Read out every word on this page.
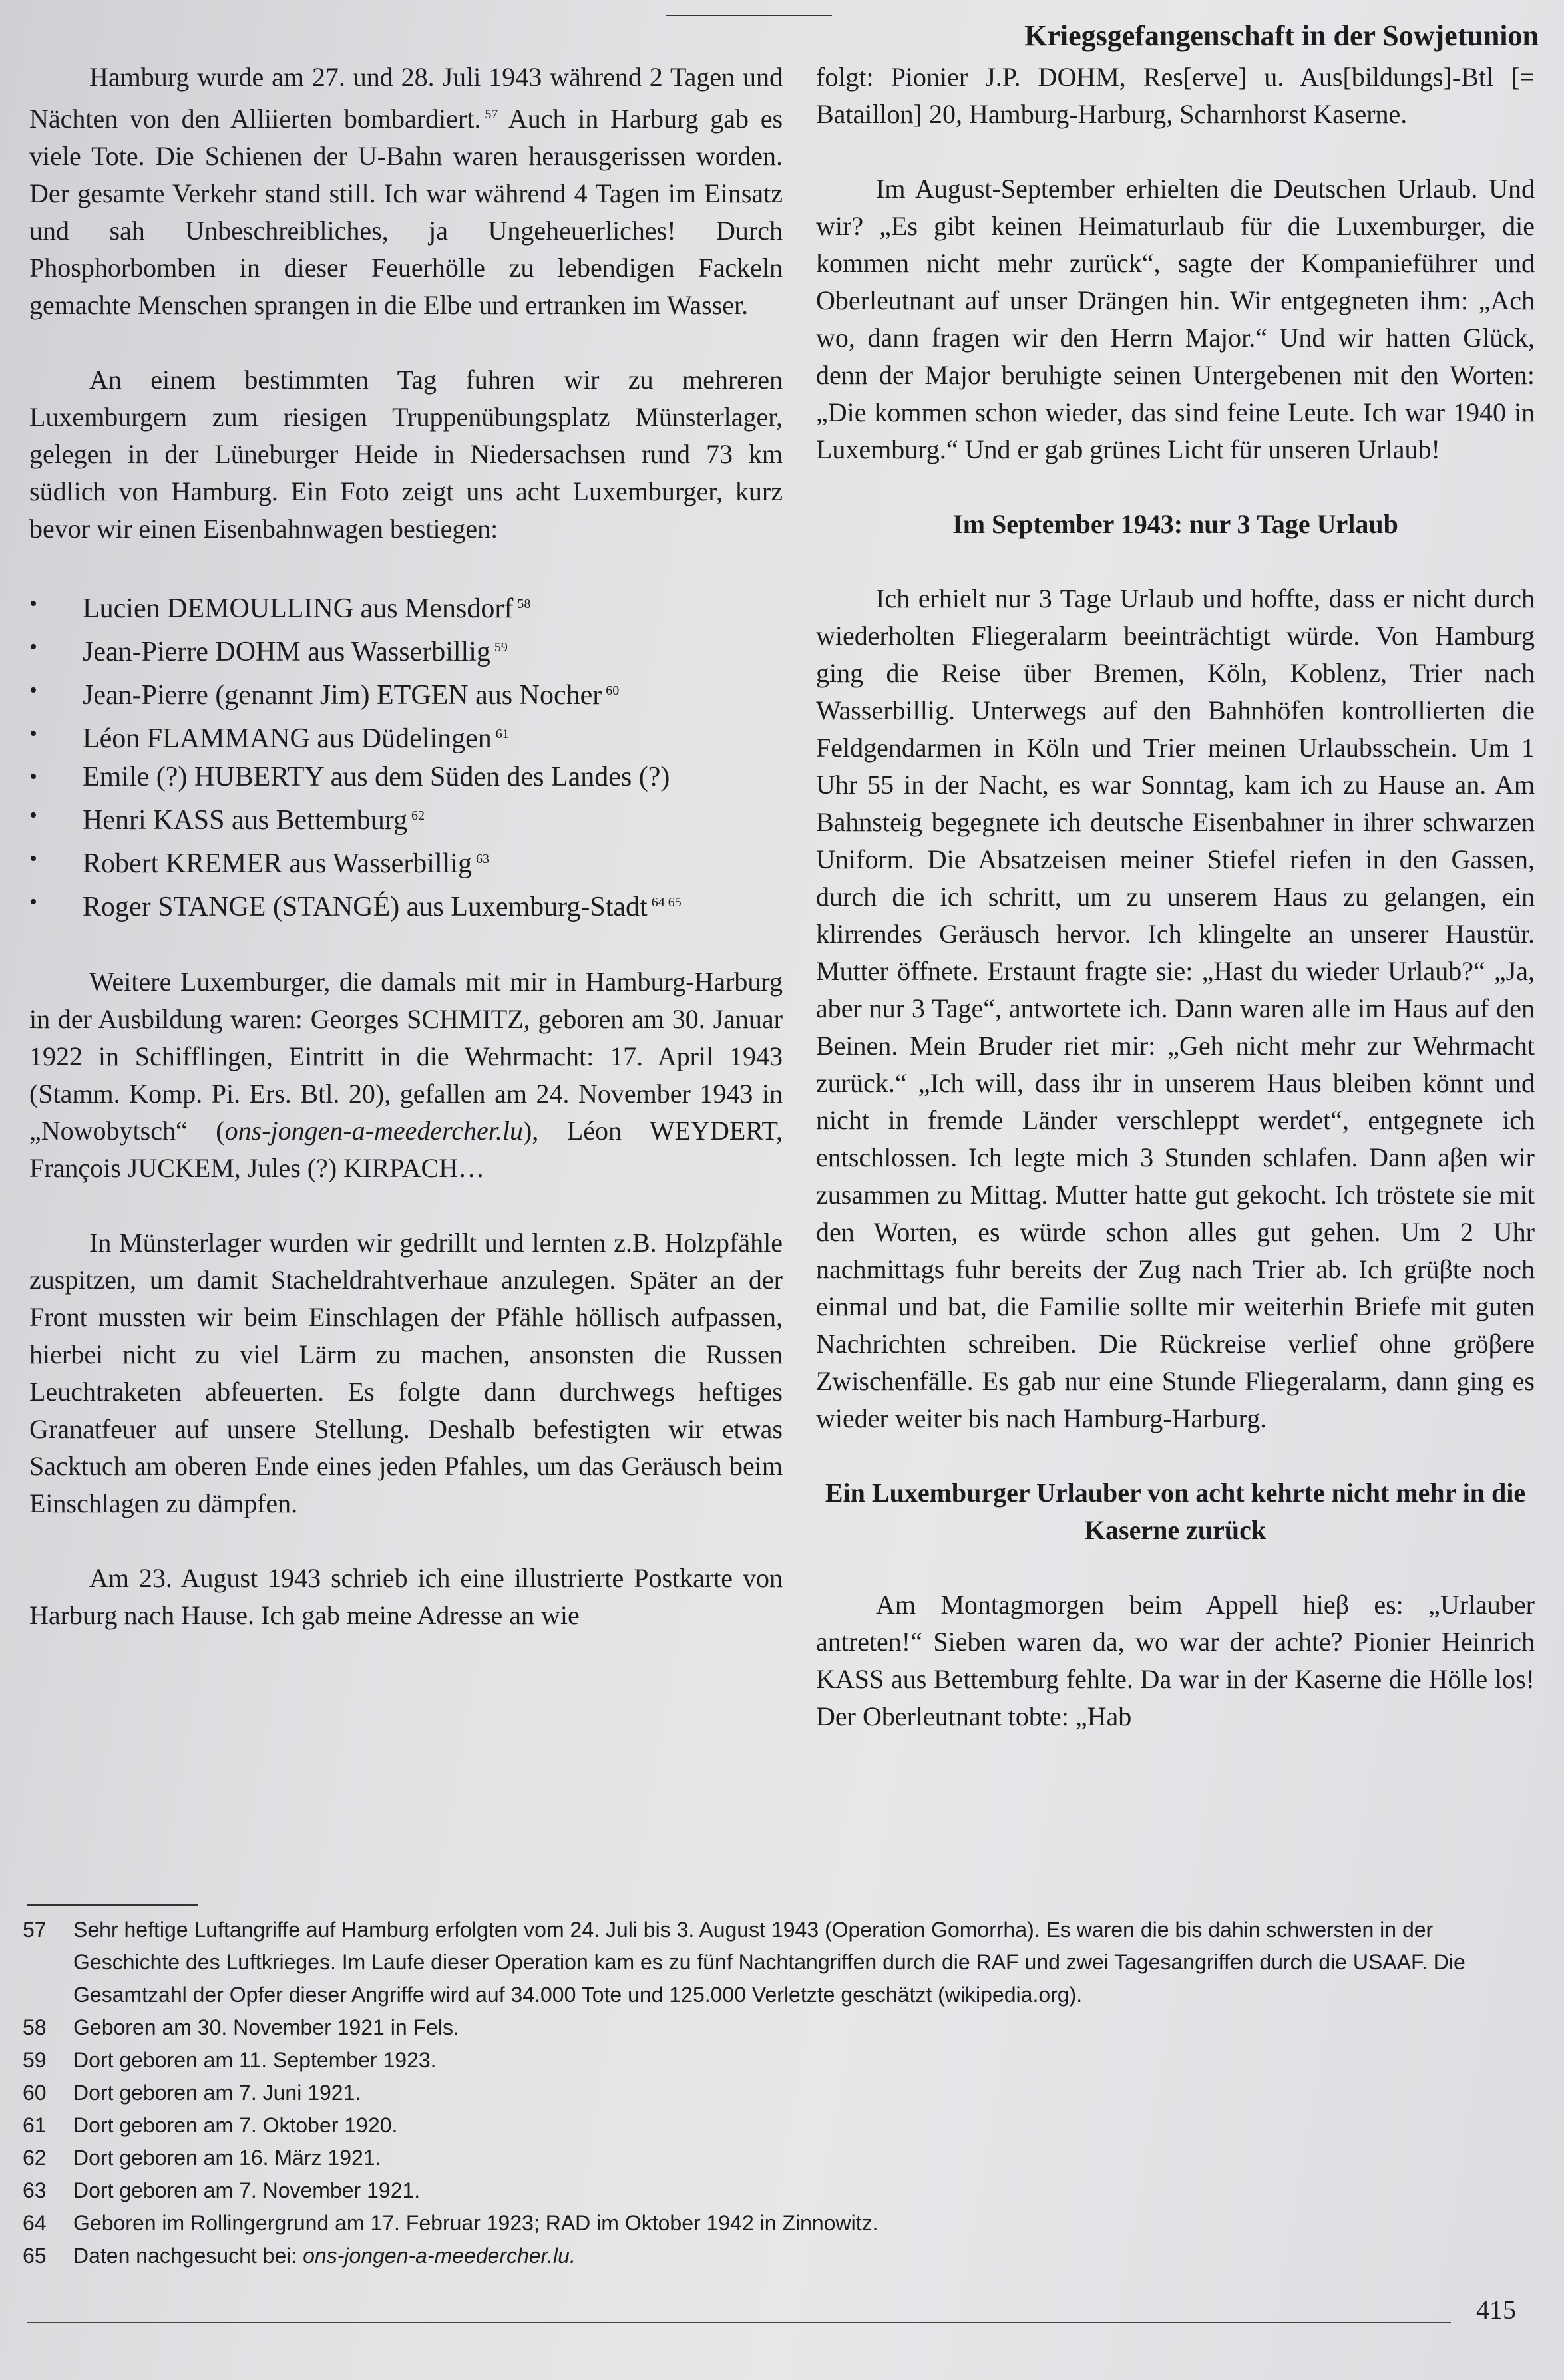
Kriegsgefangenschaft in der Sowjetunion

Hamburg wurde am 27. und 28. Juli 1943 während 2 Tagen und Nächten von den Alliierten bombardiert. $^{57}$ Auch in Harburg gab es viele Tote. Die Schienen der U-Bahn waren herausgerissen worden. Der gesamte Verkehr stand still. Ich war während 4 Tagen im Einsatz und sah Unbeschreibliches, ja Ungeheuerliches! Durch Phosphorbomben in dieser Feuerhölle zu lebendigen Fackeln gemachte Menschen sprangen in die Elbe und ertranken im Wasser.

An einem bestimmten Tag fuhren wir zu mehreren Luxemburgern zum riesigen Truppenübungsplatz Münsterlager, gelegen in der Lüneburger Heide in Niedersachsen rund 73 km südlich von Hamburg. Ein Foto zeigt uns acht Luxemburger, kurz bevor wir einen Eisenbahnwagen bestiegen:

• Lucien DEMOULLING aus Mensdorf $^{58}$
• Jean-Pierre DOHM aus Wasserbillig $^{59}$
• Jean-Pierre (genannt Jim) ETGEN aus Nocher $^{60}$
• Léon FLAMMANG aus Düdelingen $^{61}$
• Emile (?) HUBERTY aus dem Süden des Landes (?)
• Henri KASS aus Bettemburg $^{62}$
• Robert KREMER aus Wasserbillig $^{63}$
• Roger STANGE (STANGÉ) aus Luxemburg-Stadt $^{64 65}$

Weitere Luxemburger, die damals mit mir in Hamburg-Harburg in der Ausbildung waren: Georges SCHMITZ, geboren am 30. Januar 1922 in Schifflingen, Eintritt in die Wehrmacht: 17. April 1943 (Stamm. Komp. Pi. Ers. Btl. 20), gefallen am 24. November 1943 in „Nowobytsch“ (ons-jongen-a-meedercher.lu), Léon WEYDERT, François JUCKEM, Jules (?) KIRPACH…

In Münsterlager wurden wir gedrillt und lernten z.B. Holzpfähle zuspitzen, um damit Stacheldrahtverhaue anzulegen. Später an der Front mussten wir beim Einschlagen der Pfähle höllisch aufpassen, hierbei nicht zu viel Lärm zu machen, ansonsten die Russen Leuchtraketen abfeuerten. Es folgte dann durchwegs heftiges Granatfeuer auf unsere Stellung. Deshalb befestigten wir etwas Sacktuch am oberen Ende eines jeden Pfahles, um das Geräusch beim Einschlagen zu dämpfen.

Am 23. August 1943 schrieb ich eine illustrierte Postkarte von Harburg nach Hause. Ich gab meine Adresse an wie

folgt: Pionier J.P. DOHM, Res[erve] u. Aus[bildungs]-Btl [= Bataillon] 20, Hamburg-Harburg, Scharnhorst Kaserne.

Im August-September erhielten die Deutschen Urlaub. Und wir? „Es gibt keinen Heimaturlaub für die Luxemburger, die kommen nicht mehr zurück“, sagte der Kompanieführer und Oberleutnant auf unser Drängen hin. Wir entgegneten ihm: „Ach wo, dann fragen wir den Herrn Major.“ Und wir hatten Glück, denn der Major beruhigte seinen Untergebenen mit den Worten: „Die kommen schon wieder, das sind feine Leute. Ich war 1940 in Luxemburg.“ Und er gab grünes Licht für unseren Urlaub!

Im September 1943: nur 3 Tage Urlaub

Ich erhielt nur 3 Tage Urlaub und hoffte, dass er nicht durch wiederholten Fliegeralarm beeinträchtigt würde. Von Hamburg ging die Reise über Bremen, Köln, Koblenz, Trier nach Wasserbillig. Unterwegs auf den Bahnhöfen kontrollierten die Feldgendarmen in Köln und Trier meinen Urlaubsschein. Um 1 Uhr 55 in der Nacht, es war Sonntag, kam ich zu Hause an. Am Bahnsteig begegnete ich deutsche Eisenbahner in ihrer schwarzen Uniform. Die Absatzeisen meiner Stiefel riefen in den Gassen, durch die ich schritt, um zu unserem Haus zu gelangen, ein klirrendes Geräusch hervor. Ich klingelte an unserer Haustür. Mutter öffnete. Erstaunt fragte sie: „Hast du wieder Urlaub?“ „Ja, aber nur 3 Tage“, antwortete ich. Dann waren alle im Haus auf den Beinen. Mein Bruder riet mir: „Geh nicht mehr zur Wehrmacht zurück.“ „Ich will, dass ihr in unserem Haus bleiben könnt und nicht in fremde Länder verschleppt werdet“, entgegnete ich entschlossen. Ich legte mich 3 Stunden schlafen. Dann aβen wir zusammen zu Mittag. Mutter hatte gut gekocht. Ich tröstete sie mit den Worten, es würde schon alles gut gehen. Um 2 Uhr nachmittags fuhr bereits der Zug nach Trier ab. Ich grüβte noch einmal und bat, die Familie sollte mir weiterhin Briefe mit guten Nachrichten schreiben. Die Rückreise verlief ohne gröβere Zwischenfälle. Es gab nur eine Stunde Fliegeralarm, dann ging es wieder weiter bis nach Hamburg-Harburg.

Ein Luxemburger Urlauber von acht kehrte nicht mehr in die Kaserne zurück

Am Montagmorgen beim Appell hieβ es: „Urlauber antreten!“ Sieben waren da, wo war der achte? Pionier Heinrich KASS aus Bettemburg fehlte. Da war in der Kaserne die Hölle los! Der Oberleutnant tobte: „Hab

57 Sehr heftige Luftangriffe auf Hamburg erfolgten vom 24. Juli bis 3. August 1943 (Operation Gomorrha). Es waren die bis dahin schwersten in der Geschichte des Luftkrieges. Im Laufe dieser Operation kam es zu fünf Nachtangriffen durch die RAF und zwei Tagesangriffen durch die USAAF. Die Gesamtzahl der Opfer dieser Angriffe wird auf 34.000 Tote und 125.000 Verletzte geschätzt (wikipedia.org).
58 Geboren am 30. November 1921 in Fels.
59 Dort geboren am 11. September 1923.
60 Dort geboren am 7. Juni 1921.
61 Dort geboren am 7. Oktober 1920.
62 Dort geboren am 16. März 1921.
63 Dort geboren am 7. November 1921.
64 Geboren im Rollingergrund am 17. Februar 1923; RAD im Oktober 1942 in Zinnowitz.
65 Daten nachgesucht bei: ons-jongen-a-meedercher.lu.
415
